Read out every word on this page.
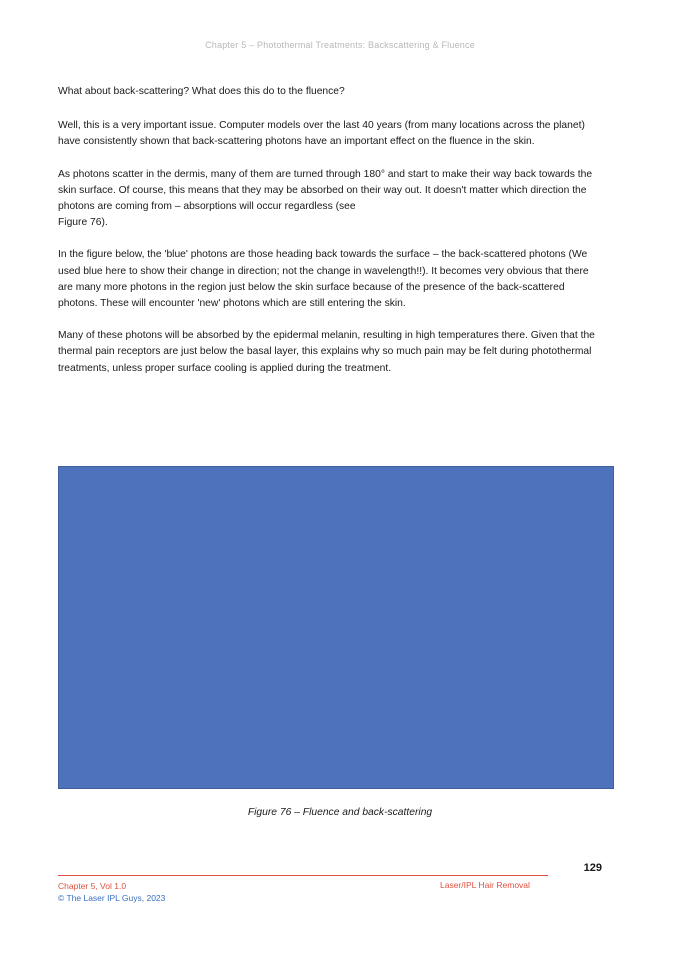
Chapter 5 – Photothermal Treatments: Backscattering & Fluence

What about back-scattering? What does this do to the fluence?

Well, this is a very important issue. Computer models over the last 40 years (from many locations across the planet) have consistently shown that back-scattering photons have an important effect on the fluence in the skin.

As photons scatter in the dermis, many of them are turned through 180° and start to make their way back towards the skin surface. Of course, this means that they may be absorbed on their way out. It doesn't matter which direction the photons are coming from – absorptions will occur regardless (see
Figure 76).

In the figure below, the 'blue' photons are those heading back towards the surface – the back-scattered photons (We used blue here to show their change in direction; not the change in wavelength!!). It becomes very obvious that there are many more photons in the region just below the skin surface because of the presence of the back-scattered photons. These will encounter 'new' photons which are still entering the skin.

Many of these photons will be absorbed by the epidermal melanin, resulting in high temperatures there. Given that the thermal pain receptors are just below the basal layer, this explains why so much pain may be felt during photothermal treatments, unless proper surface cooling is applied during the treatment.

Figure 76 – Fluence and back-scattering
129
Chapter 5, Vol 1.0
© The Laser IPL Guys, 2023
Laser/IPL Hair Removal
